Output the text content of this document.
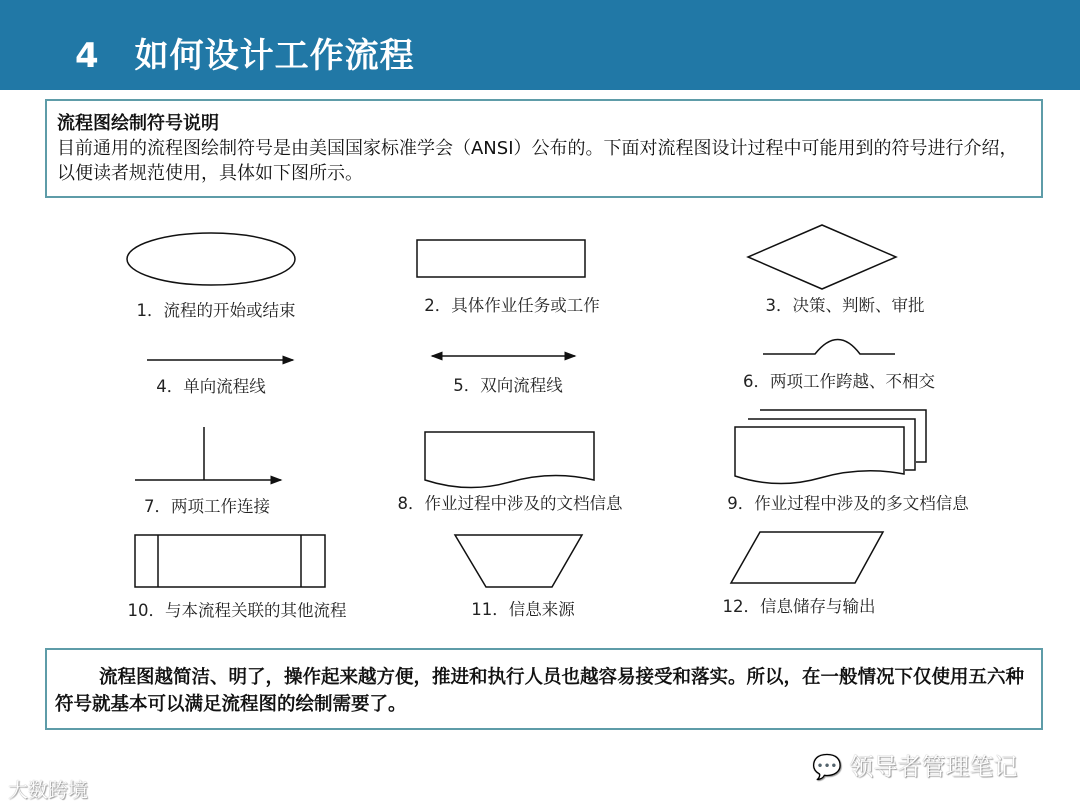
4　如何设计工作流程
流程图绘制符号说明
目前通用的流程图绘制符号是由美国国家标准学会（ANSI）公布的。下面对流程图设计过程中可能用到的符号进行介绍，以便读者规范使用，具体如下图所示。
1．流程的开始或结束	2．具体作业任务或工作	3．决策、判断、审批
4．单向流程线	5．双向流程线	6．两项工作跨越、不相交
7．两项工作连接	8．作业过程中涉及的文档信息	9．作业过程中涉及的多文档信息
10．与本流程关联的其他流程	11．信息来源	12．信息储存与输出
流程图越简洁、明了，操作起来越方便，推进和执行人员也越容易接受和落实。所以，在一般情况下仅使用五六种符号就基本可以满足流程图的绘制需要了。
💬 领导者管理笔记
大数跨境
